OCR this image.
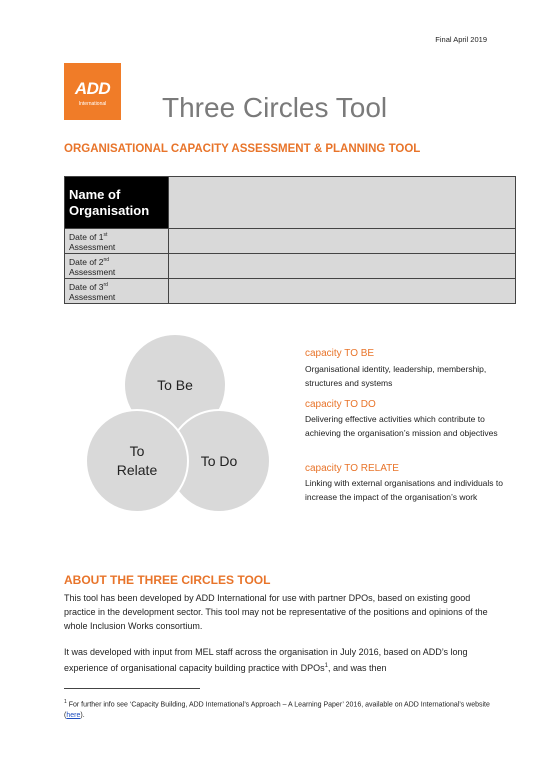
Final April 2019
ADD
International	Three Circles Tool
ORGANISATIONAL CAPACITY ASSESSMENT & PLANNING TOOL
Name of
Organisation	
Date of 1st
Assessment	
Date of 2nd
Assessment	
Date of 3rd
Assessment	
To Be
To Do
To
Relate
capacity TO BE
Organisational identity, leadership, membership, structures and systems
capacity TO DO
Delivering effective activities which contribute to achieving the organisation’s mission and objectives
capacity TO RELATE
Linking with external organisations and individuals to increase the impact of the organisation’s work
ABOUT THE THREE CIRCLES TOOL

This tool has been developed by ADD International for use with partner DPOs, based on existing good practice in the development sector. This tool may not be representative of the positions and opinions of the whole Inclusion Works consortium.

It was developed with input from MEL staff across the organisation in July 2016, based on ADD’s long experience of organisational capacity building practice with DPOs$^1$, and was then

$^1$ For further info see ‘Capacity Building, ADD International’s Approach – A Learning Paper’ 2016, available on ADD International’s website (here).
